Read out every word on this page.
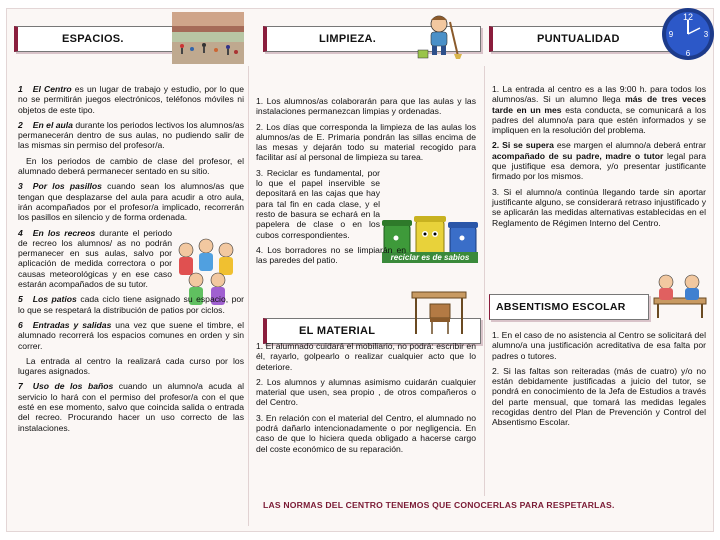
ESPACIOS.	LIMPIEZA.	PUNTUALIDAD
EL MATERIAL
ABSENTISMO ESCOLAR
12
3
6
9
reciclar es de sabios

1 El Centro es un lugar de trabajo y estudio, por lo que no se permitirán juegos electrónicos, teléfonos móviles ni objetos de este tipo.

2 En el aula durante los periodos lectivos los alumnos/as permanecerán dentro de sus aulas, no pudiendo salir de las mismas sin permiso del profesor/a.

En los periodos de cambio de clase del profesor, el alumnado deberá permanecer sentado en su sitio.

3 Por los pasillos cuando sean los alumnos/as que tengan que desplazarse del aula para acudir a otro aula, irán acompañados por el profesor/a implicado, recorrerán los pasillos en silencio y de forma ordenada.

4 En los recreos durante el periodo de recreo los alumnos/ as no podrán permanecer en sus aulas, salvo por aplicación de medida correctora o por causas meteorológicas y en ese caso estarán acompañados de su tutor.

5 Los patios cada ciclo tiene asignado su espacio, por lo que se respetará la distribución de patios por ciclos.

6 Entradas y salidas una vez que suene el timbre, el alumnado recorrerá los espacios comunes en orden y sin correr.

La entrada al centro la realizará cada curso por los lugares asignados.

7 Uso de los baños cuando un alumno/a acuda al servicio lo hará con el permiso del profesor/a con el que esté en ese momento, salvo que coincida salida o entrada del recreo. Procurando hacer un uso correcto de las instalaciones.

1. Los alumnos/as colaborarán para que las aulas y las instalaciones permanezcan limpias y ordenadas.

2. Los días que corresponda la limpieza de las aulas los alumnos/as de E. Primaria pondrán las sillas encima de las mesas y dejarán todo su material recogido para facilitar así al personal de limpieza su tarea.

3. Reciclar es fundamental, por lo que el papel inservible se depositará en las cajas que hay para tal fin en cada clase, y el resto de basura se echará en la papelera de clase o en los cubos correspondientes.

4. Los borradores no se limpiarán en las paredes del patio.

1. El alumnado cuidará el mobiliario, no podrá: escribir en él, rayarlo, golpearlo o realizar cualquier acto que lo deteriore.

2. Los alumnos y alumnas asimismo cuidarán cualquier material que usen, sea propio , de otros compañeros o del Centro.

3. En relación con el material del Centro, el alumnado no podrá dañarlo intencionadamente o por negligencia. En caso de que lo hiciera queda obligado a hacerse cargo del coste económico de su reparación.

1. La entrada al centro es a las 9:00 h. para todos los alumnos/as. Si un alumno llega más de tres veces tarde en un mes esta conducta, se comunicará a los padres del alumno/a para que estén informados y se impliquen en la resolución del problema.

2. Si se supera ese margen el alumno/a deberá entrar acompañado de su padre, madre o tutor legal para que justifique esa demora, y/o presentar justificante firmado por los mismos.

3. Si el alumno/a continúa llegando tarde sin aportar justificante alguno, se considerará retraso injustificado y se aplicarán las medidas alternativas establecidas en el Reglamento de Régimen Interno del Centro.

1. En el caso de no asistencia al Centro se solicitará del alumno/a una justificación acreditativa de esa falta por padres o tutores.

2. Si las faltas son reiteradas (más de cuatro) y/o no están debidamente justificadas a juicio del tutor, se pondrá en conocimiento de la Jefa de Estudios a través del parte mensual, que tomará las medidas legales recogidas dentro del Plan de Prevención y Control del Absentismo Escolar.

LAS NORMAS DEL CENTRO TENEMOS QUE CONOCERLAS PARA RESPETARLAS.
